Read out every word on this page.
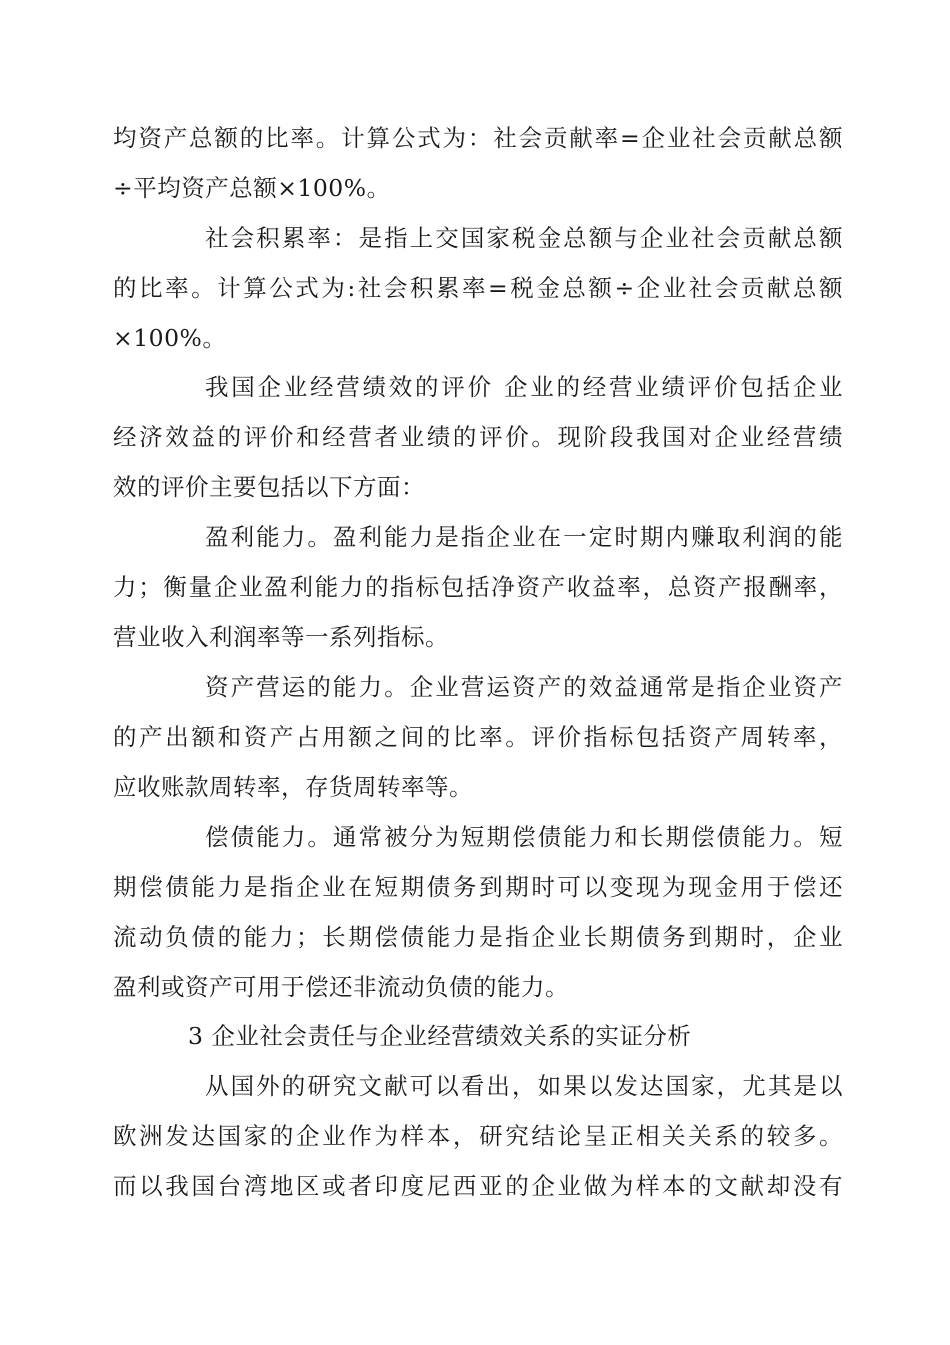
均资产总额的比率。计算公式为：社会贡献率=企业社会贡献总额
÷平均资产总额×100%。
社会积累率：是指上交国家税金总额与企业社会贡献总额
的比率。计算公式为:社会积累率=税金总额÷企业社会贡献总额
×100%。
我国企业经营绩效的评价 企业的经营业绩评价包括企业
经济效益的评价和经营者业绩的评价。现阶段我国对企业经营绩
效的评价主要包括以下方面：
盈利能力。盈利能力是指企业在一定时期内赚取利润的能
力；衡量企业盈利能力的指标包括净资产收益率，总资产报酬率，
营业收入利润率等一系列指标。
资产营运的能力。企业营运资产的效益通常是指企业资产
的产出额和资产占用额之间的比率。评价指标包括资产周转率，
应收账款周转率，存货周转率等。
偿债能力。通常被分为短期偿债能力和长期偿债能力。短
期偿债能力是指企业在短期债务到期时可以变现为现金用于偿还
流动负债的能力；长期偿债能力是指企业长期债务到期时，企业
盈利或资产可用于偿还非流动负债的能力。
3 企业社会责任与企业经营绩效关系的实证分析
从国外的研究文献可以看出，如果以发达国家，尤其是以
欧洲发达国家的企业作为样本，研究结论呈正相关关系的较多。
而以我国台湾地区或者印度尼西亚的企业做为样本的文献却没有
